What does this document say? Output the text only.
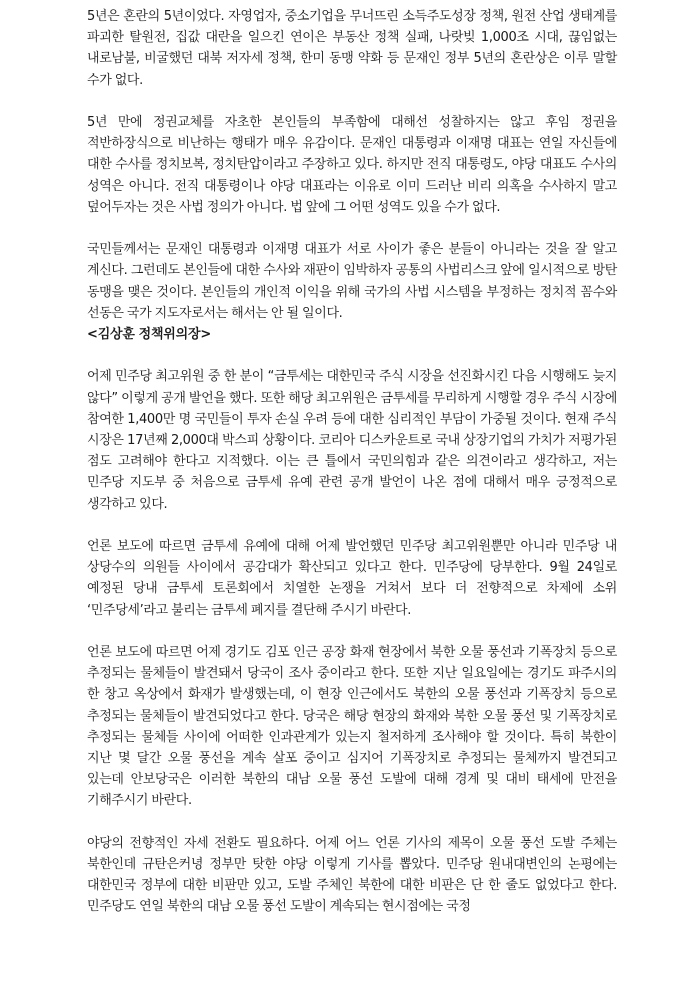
5년은 혼란의 5년이었다. 자영업자, 중소기업을 무너뜨린 소득주도성장 정책, 원전 산업 생태계를 파괴한 탈원전, 집값 대란을 일으킨 연이은 부동산 정책 실패, 나랏빚 1,000조 시대, 끊임없는 내로남불, 비굴했던 대북 저자세 정책, 한미 동맹 약화 등 문재인 정부 5년의 혼란상은 이루 말할 수가 없다.

5년 만에 정권교체를 자초한 본인들의 부족함에 대해선 성찰하지는 않고 후임 정권을 적반하장식으로 비난하는 행태가 매우 유감이다. 문재인 대통령과 이재명 대표는 연일 자신들에 대한 수사를 정치보복, 정치탄압이라고 주장하고 있다. 하지만 전직 대통령도, 야당 대표도 수사의 성역은 아니다. 전직 대통령이나 야당 대표라는 이유로 이미 드러난 비리 의혹을 수사하지 말고 덮어두자는 것은 사법 정의가 아니다. 법 앞에 그 어떤 성역도 있을 수가 없다.

국민들께서는 문재인 대통령과 이재명 대표가 서로 사이가 좋은 분들이 아니라는 것을 잘 알고 계신다. 그런데도 본인들에 대한 수사와 재판이 임박하자 공통의 사법리스크 앞에 일시적으로 방탄 동맹을 맺은 것이다. 본인들의 개인적 이익을 위해 국가의 사법 시스템을 부정하는 정치적 꼼수와 선동은 국가 지도자로서는 해서는 안 될 일이다.

<김상훈 정책위의장>

어제 민주당 최고위원 중 한 분이 “금투세는 대한민국 주식 시장을 선진화시킨 다음 시행해도 늦지 않다” 이렇게 공개 발언을 했다. 또한 해당 최고위원은 금투세를 무리하게 시행할 경우 주식 시장에 참여한 1,400만 명 국민들이 투자 손실 우려 등에 대한 심리적인 부담이 가중될 것이다. 현재 주식 시장은 17년째 2,000대 박스피 상황이다. 코리아 디스카운트로 국내 상장기업의 가치가 저평가된 점도 고려해야 한다고 지적했다. 이는 큰 틀에서 국민의힘과 같은 의견이라고 생각하고, 저는 민주당 지도부 중 처음으로 금투세 유예 관련 공개 발언이 나온 점에 대해서 매우 긍정적으로 생각하고 있다.

언론 보도에 따르면 금투세 유예에 대해 어제 발언했던 민주당 최고위원뿐만 아니라 민주당 내 상당수의 의원들 사이에서 공감대가 확산되고 있다고 한다. 민주당에 당부한다. 9월 24일로 예정된 당내 금투세 토론회에서 치열한 논쟁을 거쳐서 보다 더 전향적으로 차제에 소위 ‘민주당세’라고 불리는 금투세 폐지를 결단해 주시기 바란다.

언론 보도에 따르면 어제 경기도 김포 인근 공장 화재 현장에서 북한 오물 풍선과 기폭장치 등으로 추정되는 물체들이 발견돼서 당국이 조사 중이라고 한다. 또한 지난 일요일에는 경기도 파주시의 한 창고 옥상에서 화재가 발생했는데, 이 현장 인근에서도 북한의 오물 풍선과 기폭장치 등으로 추정되는 물체들이 발견되었다고 한다. 당국은 해당 현장의 화재와 북한 오물 풍선 및 기폭장치로 추정되는 물체들 사이에 어떠한 인과관계가 있는지 철저하게 조사해야 할 것이다. 특히 북한이 지난 몇 달간 오물 풍선을 계속 살포 중이고 심지어 기폭장치로 추정되는 물체까지 발견되고 있는데 안보당국은 이러한 북한의 대남 오물 풍선 도발에 대해 경계 및 대비 태세에 만전을 기해주시기 바란다.

야당의 전향적인 자세 전환도 필요하다. 어제 어느 언론 기사의 제목이 오물 풍선 도발 주체는 북한인데 규탄은커녕 정부만 탓한 야당 이렇게 기사를 뽑았다. 민주당 원내대변인의 논평에는 대한민국 정부에 대한 비판만 있고, 도발 주체인 북한에 대한 비판은 단 한 줄도 없었다고 한다. 민주당도 연일 북한의 대남 오물 풍선 도발이 계속되는 현시점에는 국정
